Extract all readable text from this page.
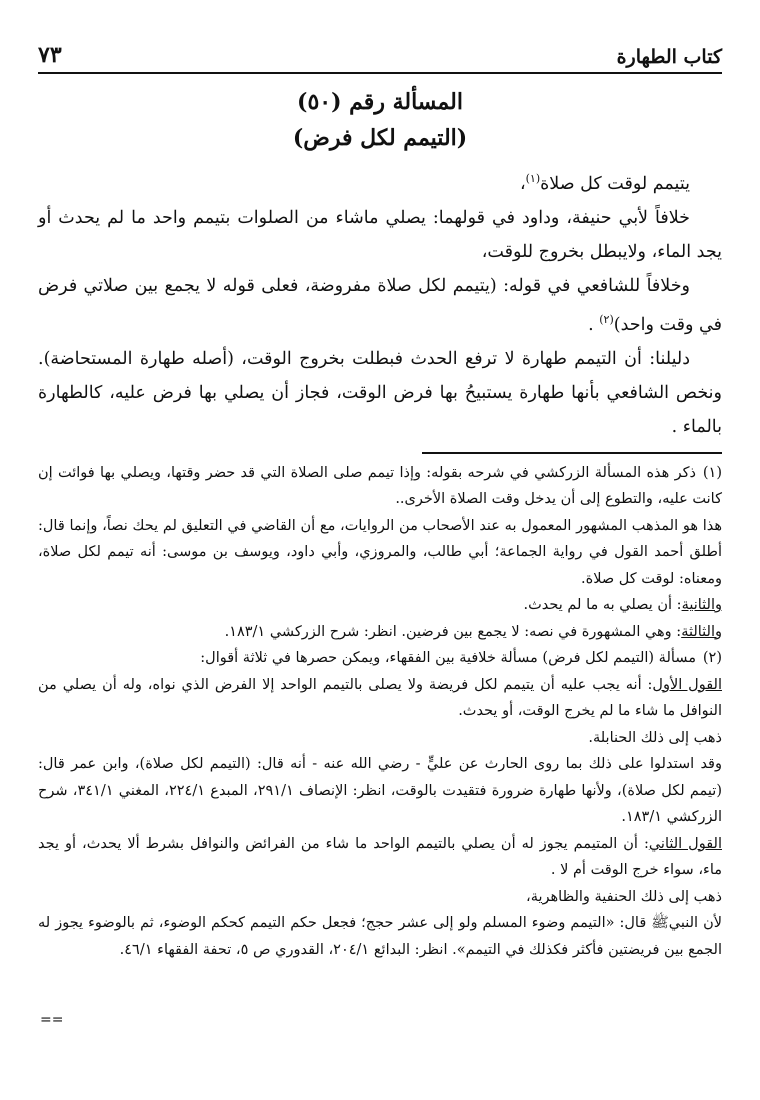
كتاب الطهارة
٧٣
المسألة رقم (٥٠)
(التيمم لكل فرض)

يتيمم لوقت كل صلاة$^{(١)}$،

خلافاً لأبي حنيفة، وداود في قولهما: يصلي ماشاء من الصلوات بتيمم واحد ما لم يحدث أو يجد الماء، ولايبطل بخروج للوقت،

وخلافاً للشافعي في قوله: (يتيمم لكل صلاة مفروضة، فعلى قوله لا يجمع بين صلاتي فرض في وقت واحد)$^{(٢)}$ .

دليلنا: أن التيمم طهارة لا ترفع الحدث فبطلت بخروج الوقت، (أصله طهارة المستحاضة). ونخص الشافعي بأنها طهارة يستبيحُ بها فرض الوقت، فجاز أن يصلي بها فرض عليه، كالطهارة بالماء .

(١)ذكر هذه المسألة الزركشي في شرحه بقوله: وإذا تيمم صلى الصلاة التي قد حضر وقتها، ويصلي بها فوائت إن كانت عليه، والتطوع إلى أن يدخل وقت الصلاة الأخرى..

هذا هو المذهب المشهور المعمول به عند الأصحاب من الروايات، مع أن القاضي في التعليق لم يحك نصاً، وإنما قال: أطلق أحمد القول في رواية الجماعة؛ أبي طالب، والمروزي، وأبي داود، ويوسف بن موسى: أنه تيمم لكل صلاة، ومعناه: لوقت كل صلاة.

والثانية: أن يصلي به ما لم يحدث.

والثالثة: وهي المشهورة في نصه: لا يجمع بين فرضين. انظر: شرح الزركشي ١٨٣/١.

(٢)مسألة (التيمم لكل فرض) مسألة خلافية بين الفقهاء، ويمكن حصرها في ثلاثة أقوال:

القول الأول: أنه يجب عليه أن يتيمم لكل فريضة ولا يصلى بالتيمم الواحد إلا الفرض الذي نواه، وله أن يصلي من النوافل ما شاء ما لم يخرج الوقت، أو يحدث.

ذهب إلى ذلك الحنابلة.

وقد استدلوا على ذلك بما روى الحارث عن عليٍّ - رضي الله عنه - أنه قال: (التيمم لكل صلاة)، وابن عمر قال: (تيمم لكل صلاة)، ولأنها طهارة ضرورة فتقيدت بالوقت، انظر: الإنصاف ٢٩١/١، المبدع ٢٢٤/١، المغني ٣٤١/١، شرح الزركشي ١٨٣/١.

القول الثاني: أن المتيمم يجوز له أن يصلي بالتيمم الواحد ما شاء من الفرائض والنوافل بشرط ألا يحدث، أو يجد ماء، سواء خرج الوقت أم لا .

ذهب إلى ذلك الحنفية والظاهرية،

لأن النبيﷺ قال: «التيمم وضوء المسلم ولو إلى عشر حجج؛ فجعل حكم التيمم كحكم الوضوء، ثم بالوضوء يجوز له الجمع بين فريضتين فأكثر فكذلك في التيمم». انظر: البدائع ٢٠٤/١، القدوري ص ٥، تحفة الفقهاء ٤٦/١.

==
